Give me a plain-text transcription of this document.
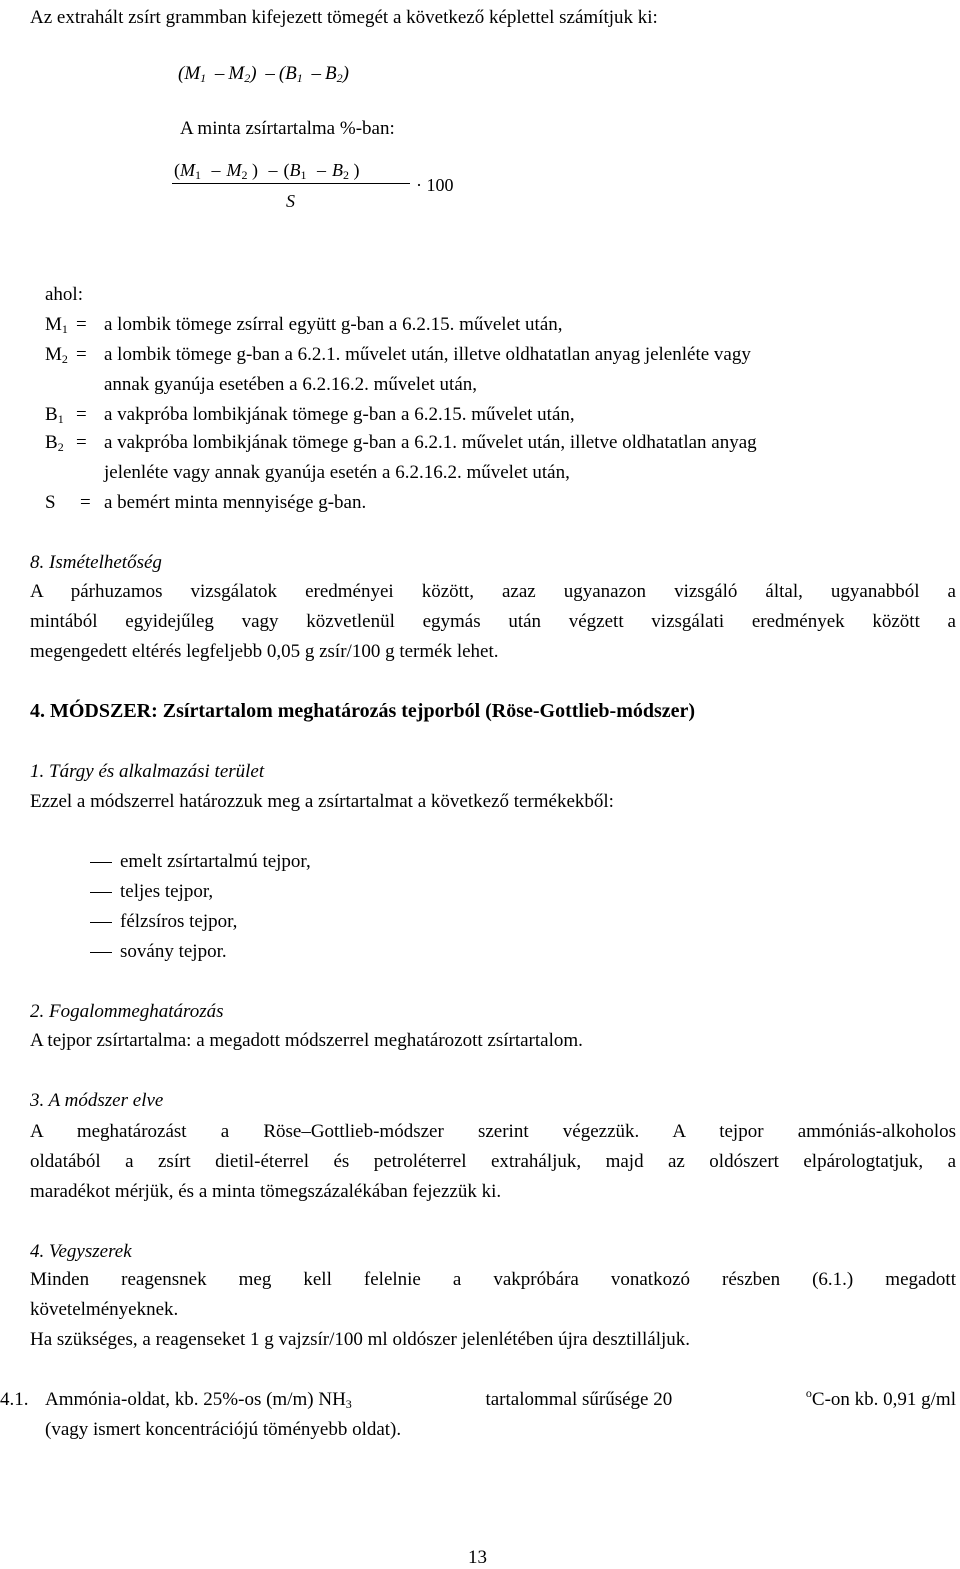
Az extrahált zsírt grammban kifejezett tömegét a következő képlettel számítjuk ki:
$(M_1 - M_2) - (B_1 - B_2)$
A minta zsírtartalma %-ban:
($M_1 - M_2$ ) – ($B_1 - B_2$ )
S
· 100
ahol:
$M_1 = a$ lombik tömege zsírral együtt g-ban a 6.2.15. művelet után,
$M_2 = a$ lombik tömege g-ban a 6.2.1. művelet után, illetve oldhatatlan anyag jelenléte vagy
annak gyanúja esetében a 6.2.16.2. művelet után,
$B_1 = a$ vakpróba lombikjának tömege g-ban a 6.2.15. művelet után,
$B_2 = a$ vakpróba lombikjának tömege g-ban a 6.2.1. művelet után, illetve oldhatatlan anyag
jelenléte vagy annak gyanúja esetén a 6.2.16.2. művelet után,
S = a bemért minta mennyisége g-ban.
8. Ismételhetőség
A párhuzamos vizsgálatok eredményei között, azaz ugyanazon vizsgáló által, ugyanabból a
mintából egyidejűleg vagy közvetlenül egymás után végzett vizsgálati eredmények között a
megengedett eltérés legfeljebb 0,05 g zsír/100 g termék lehet.
4. MÓDSZER: Zsírtartalom meghatározás tejporból (Röse-Gottlieb-módszer)
1. Tárgy és alkalmazási terület
Ezzel a módszerrel határozzuk meg a zsírtartalmat a következő termékekből:
emelt zsírtartalmú tejpor,
teljes tejpor,
félzsíros tejpor,
sovány tejpor.
2. Fogalommeghatározás
A tejpor zsírtartalma: a megadott módszerrel meghatározott zsírtartalom.
3. A módszer elve
A meghatározást a Röse–Gottlieb-módszer szerint végezzük. A tejpor ammóniás-alkoholos
oldatából a zsírt dietil-éterrel és petroléterrel extraháljuk, majd az oldószert elpárologtatjuk, a
maradékot mérjük, és a minta tömegszázalékában fejezzük ki.
4. Vegyszerek
Minden reagensnek meg kell felelnie a vakpróbára vonatkozó részben (6.1.) megadott
követelményeknek.
Ha szükséges, a reagenseket 1 g vajzsír/100 ml oldószer jelenlétében újra desztilláljuk.
4.1. Ammónia-oldat, kb. 25%-os (m/m) $NH_3$	tartalommal sűrűsége 20	$^o$C-on kb. 0,91 g/ml
(vagy ismert koncentrációjú töményebb oldat).
13
